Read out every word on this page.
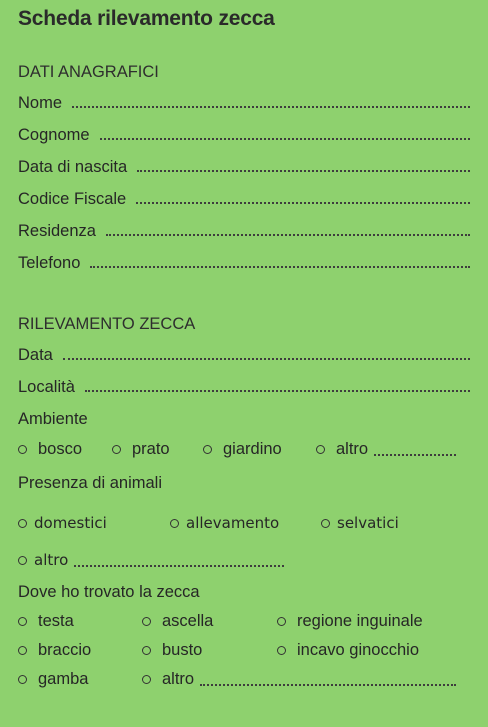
Scheda rilevamento zecca
DATI ANAGRAFICI
Nome
Cognome
Data di nascita
Codice Fiscale
Residenza
Telefono
RILEVAMENTO ZECCA
Data
Località
Ambiente
bosco	prato	giardino	altro
Presenza di animali
domestici	allevamento	selvatici
altro
Dove ho trovato la zecca
testa	ascella	regione inguinale
braccio	busto	incavo ginocchio
gamba	altro
